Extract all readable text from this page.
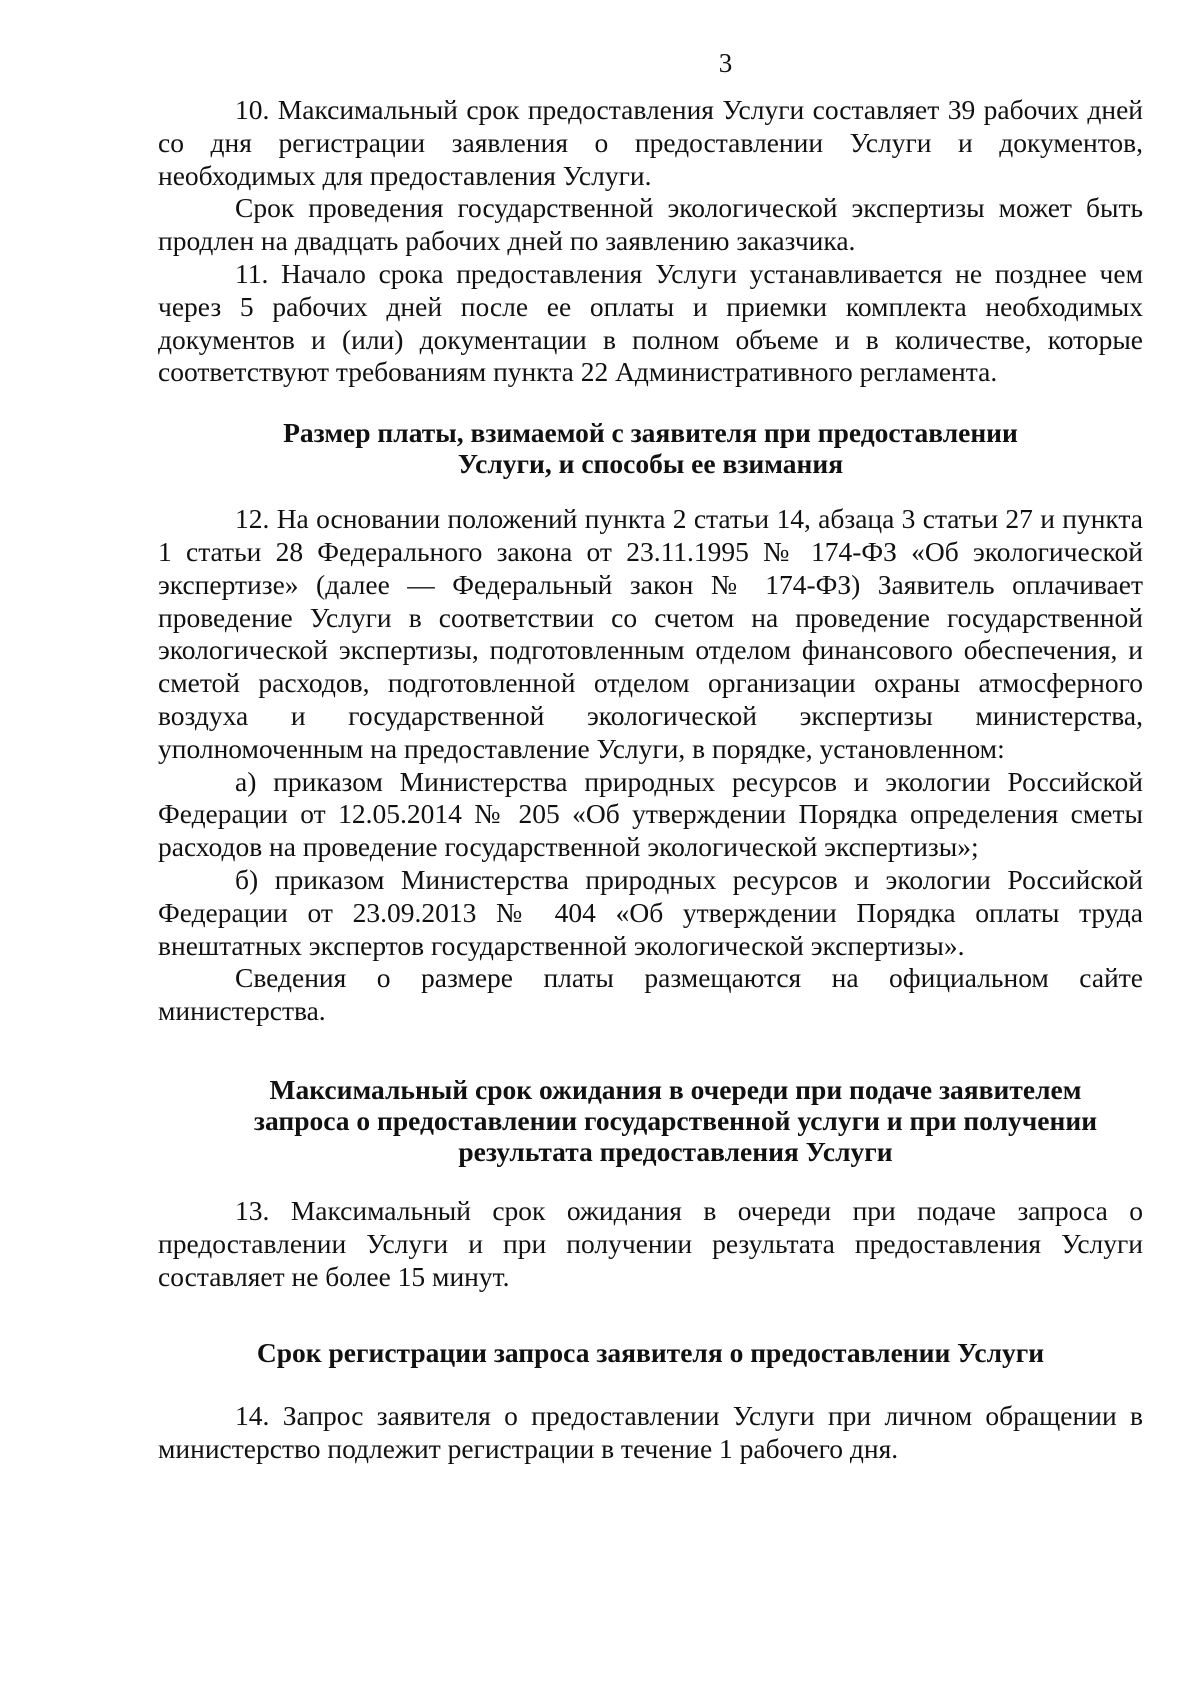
3

10. Максимальный срок предоставления Услуги составляет 39 рабочих дней со дня регистрации заявления о предоставлении Услуги и документов, необходимых для предоставления Услуги.

Срок проведения государственной экологической экспертизы может быть продлен на двадцать рабочих дней по заявлению заказчика.

11. Начало срока предоставления Услуги устанавливается не позднее чем через 5 рабочих дней после ее оплаты и приемки комплекта необходимых документов и (или) документации в полном объеме и в количестве, которые соответствуют требованиям пункта 22 Административного регламента.

Размер платы, взимаемой с заявителя при предоставлении
Услуги, и способы ее взимания

12. На основании положений пункта 2 статьи 14, абзаца 3 статьи 27 и пункта 1 статьи 28 Федерального закона от 23.11.1995 № 174-ФЗ «Об экологической экспертизе» (далее — Федеральный закон № 174-ФЗ) Заявитель оплачивает проведение Услуги в соответствии со счетом на проведение государственной экологической экспертизы, подготовленным отделом финансового обеспечения, и сметой расходов, подготовленной отделом организации охраны атмосферного воздуха и государственной экологической экспертизы министерства, уполномоченным на предоставление Услуги, в порядке, установленном:

а) приказом Министерства природных ресурсов и экологии Российской Федерации от 12.05.2014 № 205 «Об утверждении Порядка определения сметы расходов на проведение государственной экологической экспертизы»;

б) приказом Министерства природных ресурсов и экологии Российской Федерации от 23.09.2013 № 404 «Об утверждении Порядка оплаты труда внештатных экспертов государственной экологической экспертизы».

Сведения о размере платы размещаются на официальном сайте министерства.

Максимальный срок ожидания в очереди при подаче заявителем
запроса о предоставлении государственной услуги и при получении
результата предоставления Услуги

13. Максимальный срок ожидания в очереди при подаче запроса о предоставлении Услуги и при получении результата предоставления Услуги составляет не более 15 минут.

Срок регистрации запроса заявителя о предоставлении Услуги

14. Запрос заявителя о предоставлении Услуги при личном обращении в министерство подлежит регистрации в течение 1 рабочего дня.
